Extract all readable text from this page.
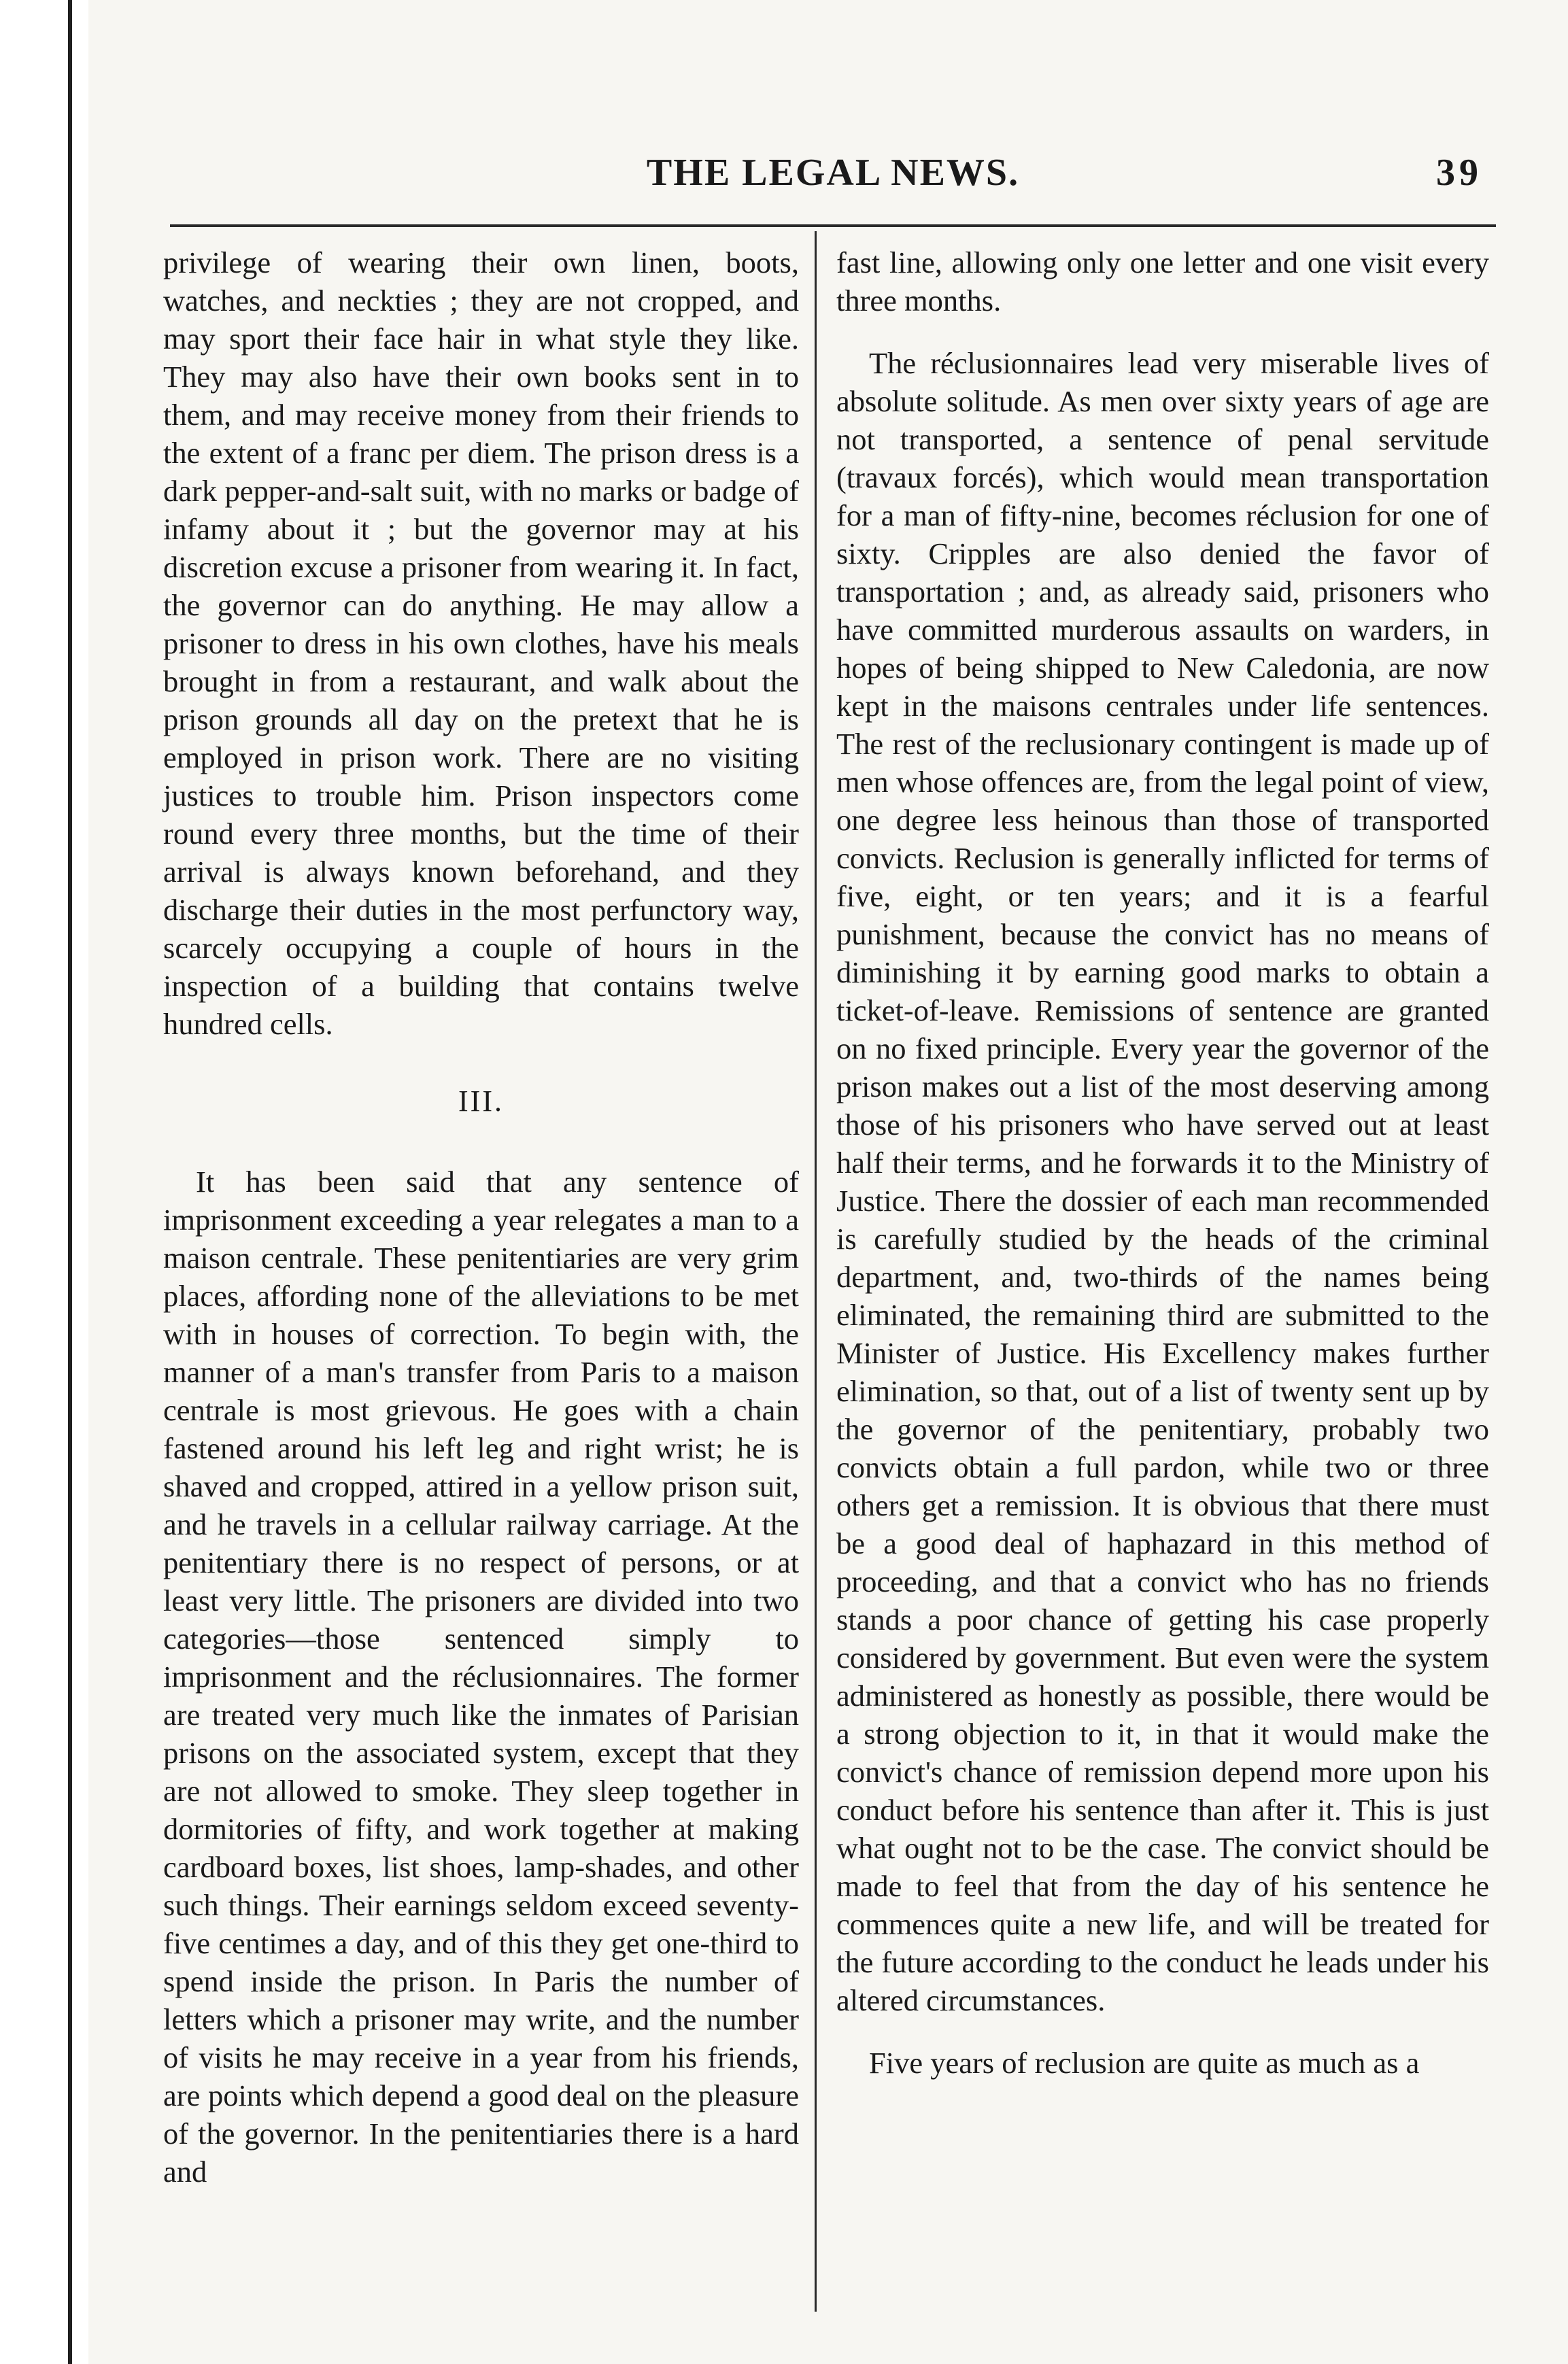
THE LEGAL NEWS.	39

privilege of wearing their own linen, boots, watches, and neckties ; they are not cropped, and may sport their face hair in what style they like. They may also have their own books sent in to them, and may receive money from their friends to the extent of a franc per diem. The prison dress is a dark pepper-and-salt suit, with no marks or badge of infamy about it ; but the governor may at his discretion excuse a prisoner from wearing it. In fact, the governor can do anything. He may allow a prisoner to dress in his own clothes, have his meals brought in from a restaurant, and walk about the prison grounds all day on the pretext that he is employed in prison work. There are no visiting justices to trouble him. Prison inspectors come round every three months, but the time of their arrival is always known beforehand, and they discharge their duties in the most perfunctory way, scarcely occupying a couple of hours in the inspection of a building that contains twelve hundred cells.

III.

It has been said that any sentence of imprisonment exceeding a year relegates a man to a maison centrale. These penitentiaries are very grim places, affording none of the alleviations to be met with in houses of correction. To begin with, the manner of a man's transfer from Paris to a maison centrale is most grievous. He goes with a chain fastened around his left leg and right wrist; he is shaved and cropped, attired in a yellow prison suit, and he travels in a cellular railway carriage. At the penitentiary there is no respect of persons, or at least very little. The prisoners are divided into two categories—those sentenced simply to imprisonment and the réclusionnaires. The former are treated very much like the inmates of Parisian prisons on the associated system, except that they are not allowed to smoke. They sleep together in dormitories of fifty, and work together at making cardboard boxes, list shoes, lamp-shades, and other such things. Their earnings seldom exceed seventy-five centimes a day, and of this they get one-third to spend inside the prison. In Paris the number of letters which a prisoner may write, and the number of visits he may receive in a year from his friends, are points which depend a good deal on the pleasure of the governor. In the penitentiaries there is a hard and

fast line, allowing only one letter and one visit every three months.

The réclusionnaires lead very miserable lives of absolute solitude. As men over sixty years of age are not transported, a sentence of penal servitude (travaux forcés), which would mean transportation for a man of fifty-nine, becomes réclusion for one of sixty. Cripples are also denied the favor of transportation ; and, as already said, prisoners who have committed murderous assaults on warders, in hopes of being shipped to New Caledonia, are now kept in the maisons centrales under life sentences. The rest of the reclusionary contingent is made up of men whose offences are, from the legal point of view, one degree less heinous than those of transported convicts. Reclusion is generally inflicted for terms of five, eight, or ten years; and it is a fearful punishment, because the convict has no means of diminishing it by earning good marks to obtain a ticket-of-leave. Remissions of sentence are granted on no fixed principle. Every year the governor of the prison makes out a list of the most deserving among those of his prisoners who have served out at least half their terms, and he forwards it to the Ministry of Justice. There the dossier of each man recommended is carefully studied by the heads of the criminal department, and, two-thirds of the names being eliminated, the remaining third are submitted to the Minister of Justice. His Excellency makes further elimination, so that, out of a list of twenty sent up by the governor of the penitentiary, probably two convicts obtain a full pardon, while two or three others get a remission. It is obvious that there must be a good deal of haphazard in this method of proceeding, and that a convict who has no friends stands a poor chance of getting his case properly considered by government. But even were the system administered as honestly as possible, there would be a strong objection to it, in that it would make the convict's chance of remission depend more upon his conduct before his sentence than after it. This is just what ought not to be the case. The convict should be made to feel that from the day of his sentence he commences quite a new life, and will be treated for the future according to the conduct he leads under his altered circumstances.

Five years of reclusion are quite as much as a
